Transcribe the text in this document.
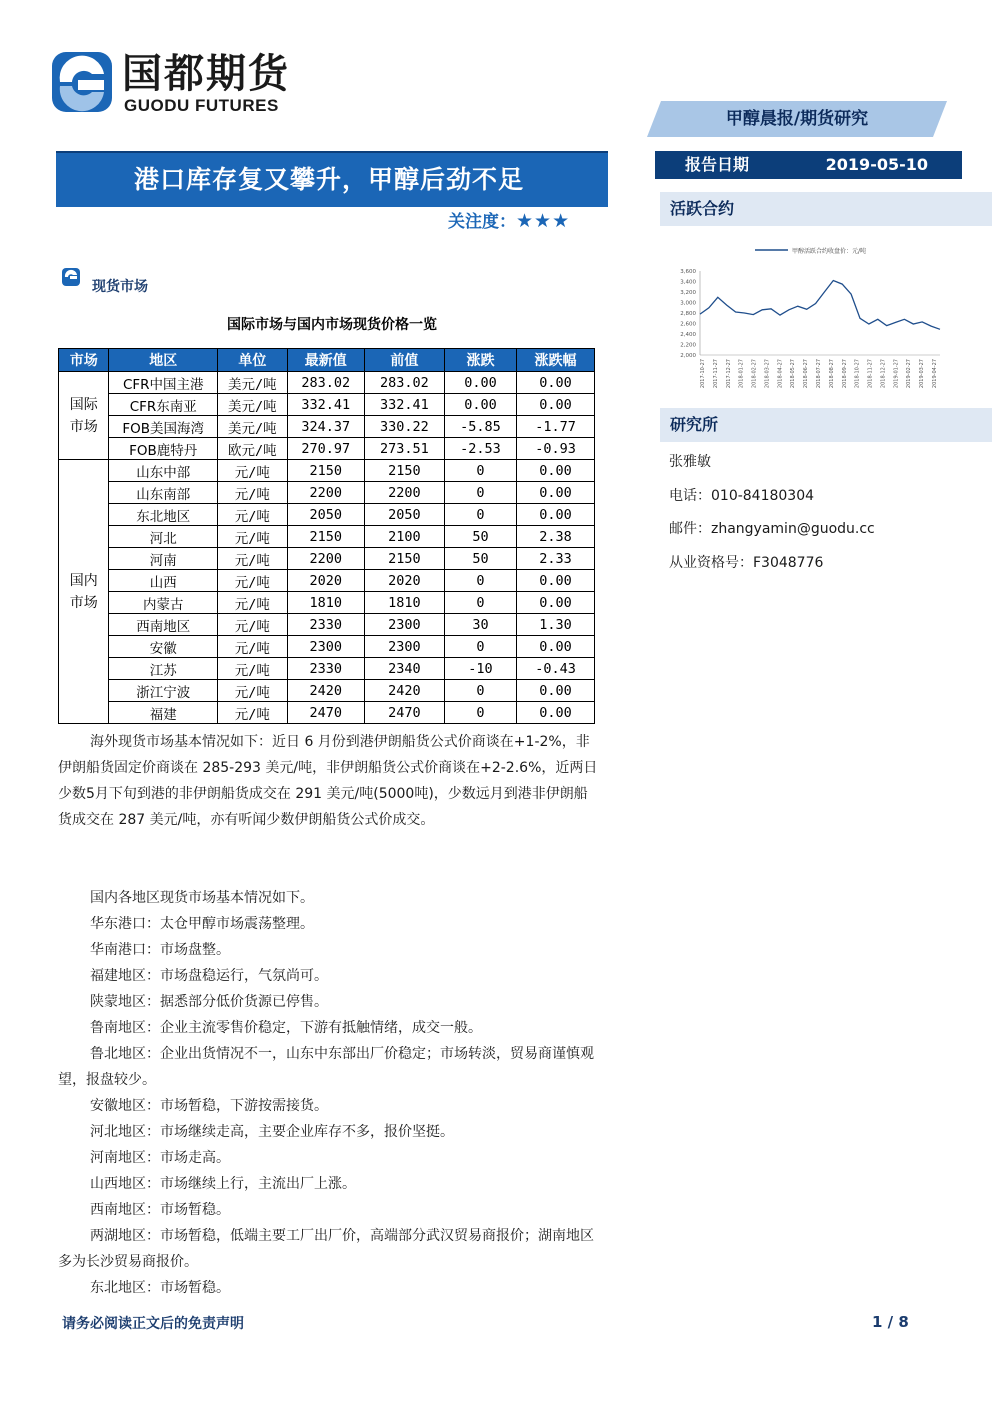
国都期货
GUODU FUTURES
甲醇晨报/期货研究
港口库存复又攀升，甲醇后劲不足
关注度：★★★
报告日期	2019-05-10
活跃合约
甲醇活跃合约收盘价：元/吨
3,600
3,400
3,200
3,000
2,800
2,600
2,400
2,200
2,000
2017-10-27 2017-11-27 2017-12-27 2018-01-27 2018-02-27 2018-03-27 2018-04-27 2018-05-27 2018-06-27 2018-07-27 2018-08-27 2018-09-27 2018-10-27 2018-11-27 2018-12-27 2019-01-27 2019-02-27 2019-03-27 2019-04-27
研究所
张雅敏
电话：010-84180304
邮件：zhangyamin@guodu.cc
从业资格号：F3048776
现货市场
国际市场与国内市场现货价格一览
市场	地区	单位	最新值	前值	涨跌	涨跌幅

国际市场	CFR中国主港	美元/吨	283.02	283.02	0.00	0.00
	CFR东南亚	美元/吨	332.41	332.41	0.00	0.00
	FOB美国海湾	美元/吨	324.37	330.22	-5.85	-1.77
	FOB鹿特丹	欧元/吨	270.97	273.51	-2.53	-0.93

国内市场	山东中部	元/吨	2150	2150	0	0.00
	山东南部	元/吨	2200	2200	0	0.00
	东北地区	元/吨	2050	2050	0	0.00
	河北	元/吨	2150	2100	50	2.38
	河南	元/吨	2200	2150	50	2.33
	山西	元/吨	2020	2020	0	0.00
	内蒙古	元/吨	1810	1810	0	0.00
	西南地区	元/吨	2330	2300	30	1.30
	安徽	元/吨	2300	2300	0	0.00
	江苏	元/吨	2330	2340	-10	-0.43
	浙江宁波	元/吨	2420	2420	0	0.00
	福建	元/吨	2470	2470	0	0.00
海外现货市场基本情况如下：近日 6 月份到港伊朗船货公式价商谈在+1-2%，非伊朗船货固定价商谈在 285-293 美元/吨，非伊朗船货公式价商谈在+2-2.6%，近两日少数5月下旬到港的非伊朗船货成交在 291 美元/吨(5000吨)，少数远月到港非伊朗船货成交在 287 美元/吨，亦有听闻少数伊朗船货公式价成交。
国内各地区现货市场基本情况如下。
华东港口：太仓甲醇市场震荡整理。
华南港口：市场盘整。
福建地区：市场盘稳运行，气氛尚可。
陕蒙地区：据悉部分低价货源已停售。
鲁南地区：企业主流零售价稳定，下游有抵触情绪，成交一般。
鲁北地区：企业出货情况不一，山东中东部出厂价稳定；市场转淡，贸易商谨慎观望，报盘较少。
安徽地区：市场暂稳，下游按需接货。
河北地区：市场继续走高，主要企业库存不多，报价坚挺。
河南地区：市场走高。
山西地区：市场继续上行，主流出厂上涨。
西南地区：市场暂稳。
两湖地区：市场暂稳，低端主要工厂出厂价，高端部分武汉贸易商报价；湖南地区多为长沙贸易商报价。
东北地区：市场暂稳。
请务必阅读正文后的免责声明	1 / 8
